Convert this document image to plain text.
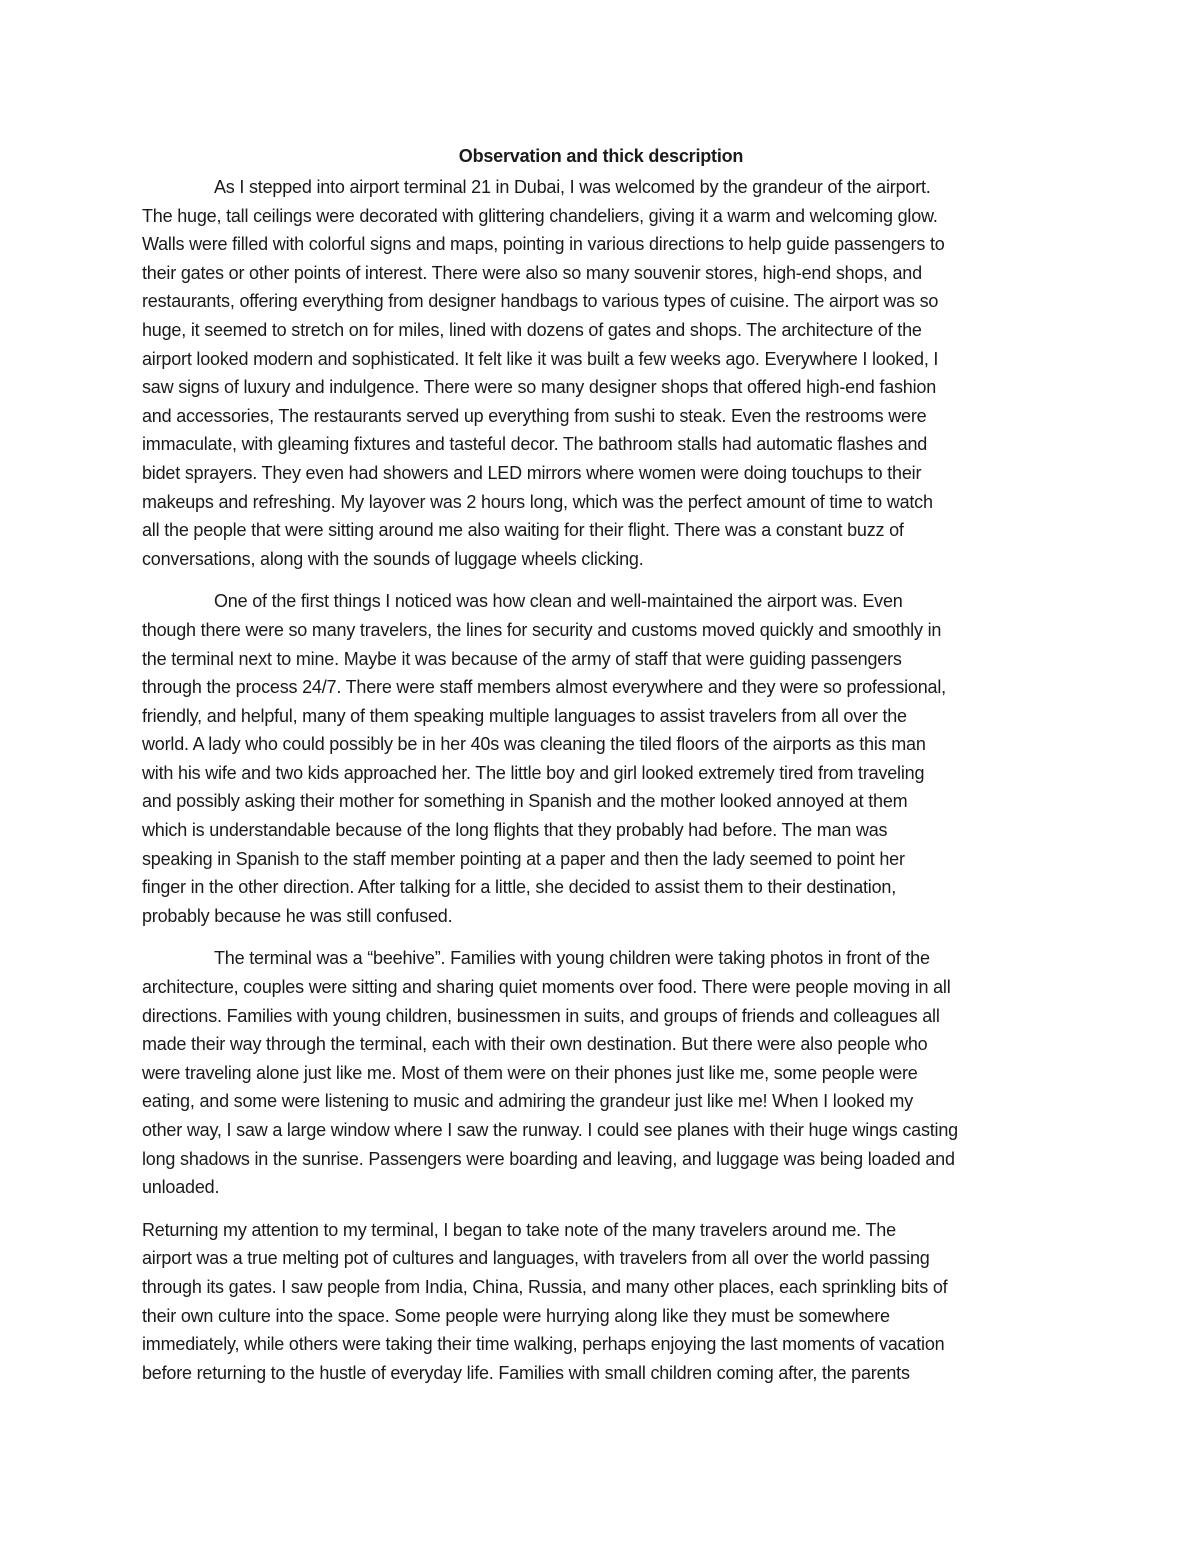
Observation and thick description

As I stepped into airport terminal 21 in Dubai, I was welcomed by the grandeur of the airport.
The huge, tall ceilings were decorated with glittering chandeliers, giving it a warm and welcoming glow.
Walls were filled with colorful signs and maps, pointing in various directions to help guide passengers to
their gates or other points of interest. There were also so many souvenir stores, high-end shops, and
restaurants, offering everything from designer handbags to various types of cuisine. The airport was so
huge, it seemed to stretch on for miles, lined with dozens of gates and shops. The architecture of the
airport looked modern and sophisticated. It felt like it was built a few weeks ago. Everywhere I looked, I
saw signs of luxury and indulgence. There were so many designer shops that offered high-end fashion
and accessories, The restaurants served up everything from sushi to steak. Even the restrooms were
immaculate, with gleaming fixtures and tasteful decor. The bathroom stalls had automatic flashes and
bidet sprayers. They even had showers and LED mirrors where women were doing touchups to their
makeups and refreshing. My layover was 2 hours long, which was the perfect amount of time to watch
all the people that were sitting around me also waiting for their flight. There was a constant buzz of
conversations, along with the sounds of luggage wheels clicking.

One of the first things I noticed was how clean and well-maintained the airport was. Even
though there were so many travelers, the lines for security and customs moved quickly and smoothly in
the terminal next to mine. Maybe it was because of the army of staff that were guiding passengers
through the process 24/7. There were staff members almost everywhere and they were so professional,
friendly, and helpful, many of them speaking multiple languages to assist travelers from all over the
world. A lady who could possibly be in her 40s was cleaning the tiled floors of the airports as this man
with his wife and two kids approached her. The little boy and girl looked extremely tired from traveling
and possibly asking their mother for something in Spanish and the mother looked annoyed at them
which is understandable because of the long flights that they probably had before. The man was
speaking in Spanish to the staff member pointing at a paper and then the lady seemed to point her
finger in the other direction. After talking for a little, she decided to assist them to their destination,
probably because he was still confused.

The terminal was a “beehive”. Families with young children were taking photos in front of the
architecture, couples were sitting and sharing quiet moments over food. There were people moving in all
directions. Families with young children, businessmen in suits, and groups of friends and colleagues all
made their way through the terminal, each with their own destination. But there were also people who
were traveling alone just like me. Most of them were on their phones just like me, some people were
eating, and some were listening to music and admiring the grandeur just like me! When I looked my
other way, I saw a large window where I saw the runway. I could see planes with their huge wings casting
long shadows in the sunrise. Passengers were boarding and leaving, and luggage was being loaded and
unloaded.

Returning my attention to my terminal, I began to take note of the many travelers around me. The
airport was a true melting pot of cultures and languages, with travelers from all over the world passing
through its gates. I saw people from India, China, Russia, and many other places, each sprinkling bits of
their own culture into the space. Some people were hurrying along like they must be somewhere
immediately, while others were taking their time walking, perhaps enjoying the last moments of vacation
before returning to the hustle of everyday life. Families with small children coming after, the parents
